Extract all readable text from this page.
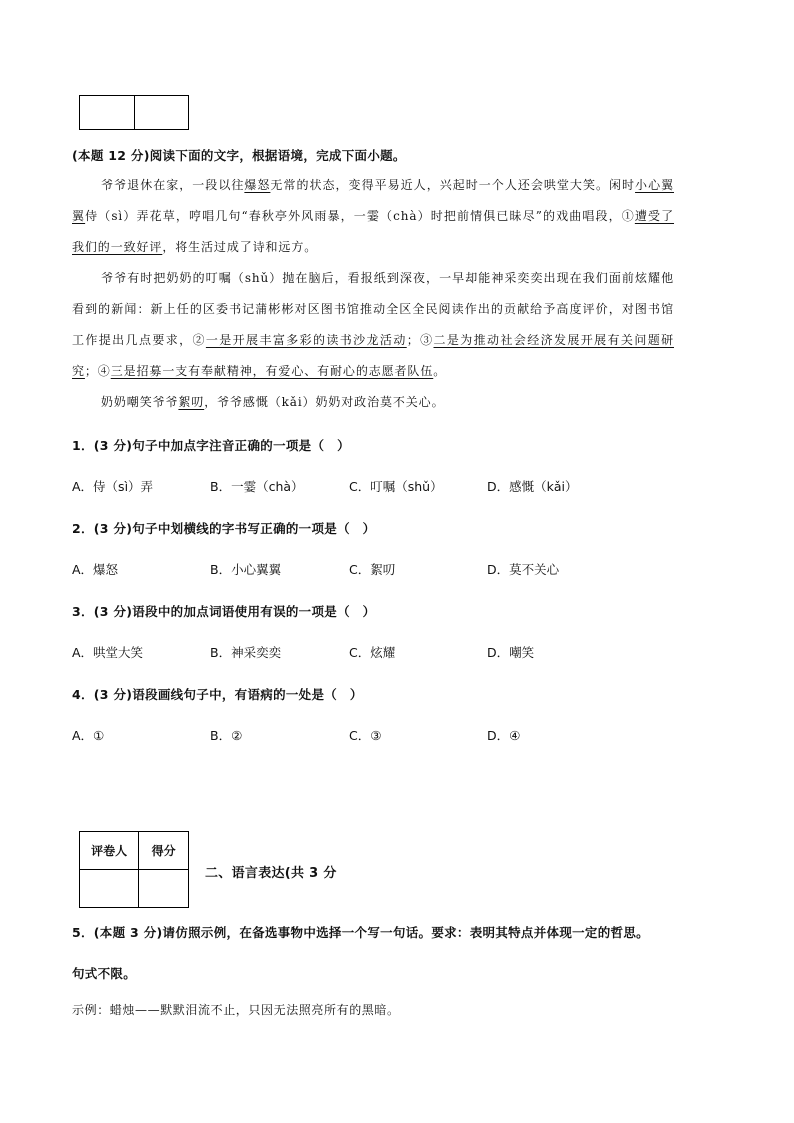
(本题 12 分)阅读下面的文字，根据语境，完成下面小题。
爷爷退休在家，一段以往爆怒无常的状态，变得平易近人，兴起时一个人还会哄堂大笑。闲时小心翼翼侍（sì）弄花草，哼唱几句“春秋亭外风雨暴，一霎（chà）时把前情俱已昧尽”的戏曲唱段，①遭受了我们的一致好评，将生活过成了诗和远方。
爷爷有时把奶奶的叮嘱（shǔ）抛在脑后，看报纸到深夜，一早却能神采奕奕出现在我们面前炫耀他看到的新闻：新上任的区委书记蒲彬彬对区图书馆推动全区全民阅读作出的贡献给予高度评价，对图书馆工作提出几点要求，②一是开展丰富多彩的读书沙龙活动；③二是为推动社会经济发展开展有关问题研究；④三是招募一支有奉献精神，有爱心、有耐心的志愿者队伍。
奶奶嘲笑爷爷絮叨，爷爷感慨（kǎi）奶奶对政治莫不关心。
1．(3 分)句子中加点字注音正确的一项是（　）
A．侍（sì）弄	B．一霎（chà）	C．叮嘱（shǔ）	D．感慨（kǎi）
2．(3 分)句子中划横线的字书写正确的一项是（　）
A．爆怒	B．小心翼翼	C．絮叨	D．莫不关心
3．(3 分)语段中的加点词语使用有误的一项是（　）
A．哄堂大笑	B．神采奕奕	C．炫耀	D．嘲笑
4．(3 分)语段画线句子中，有语病的一处是（　）
A．①	B．②	C．③	D．④
评卷人	得分

二、语言表达(共 3 分
5．(本题 3 分)请仿照示例，在备选事物中选择一个写一句话。要求：表明其特点并体现一定的哲思。
句式不限。
示例：蜡烛——默默泪流不止，只因无法照亮所有的黑暗。
